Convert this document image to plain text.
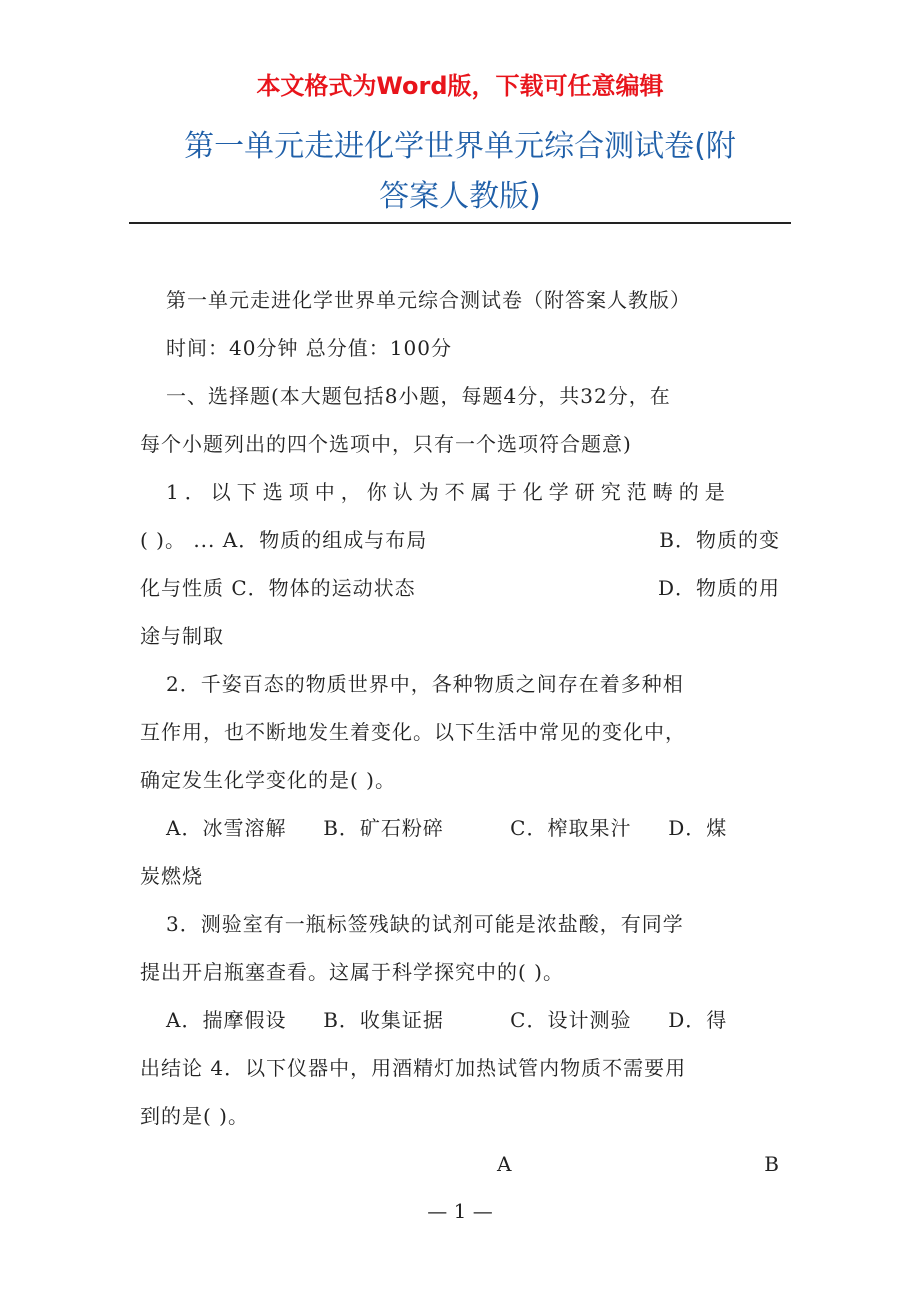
本文格式为Word版，下载可任意编辑
第一单元走进化学世界单元综合测试卷(附
答案人教版)
第一单元走进化学世界单元综合测试卷（附答案人教版）
时间：40分钟 总分值：100分
一、选择题(本大题包括8小题，每题4分，共32分，在
每个小题列出的四个选项中，只有一个选项符合题意)
1．以下选项中，你认为不属于化学研究范畴的是
( )。 ... A．物质的组成与布局	B．物质的变
化与性质 C．物体的运动状态	D．物质的用
途与制取
2．千姿百态的物质世界中，各种物质之间存在着多种相
互作用，也不断地发生着变化。以下生活中常见的变化中，
确定发生化学变化的是( )。
A．冰雪溶解     B．矿石粉碎         C．榨取果汁     D．煤
炭燃烧
3．测验室有一瓶标签残缺的试剂可能是浓盐酸，有同学
提出开启瓶塞查看。这属于科学探究中的( )。
A．揣摩假设     B．收集证据         C．设计测验     D．得
出结论 4．以下仪器中，用酒精灯加热试管内物质不需要用
到的是( )。
A	B
— 1 —
